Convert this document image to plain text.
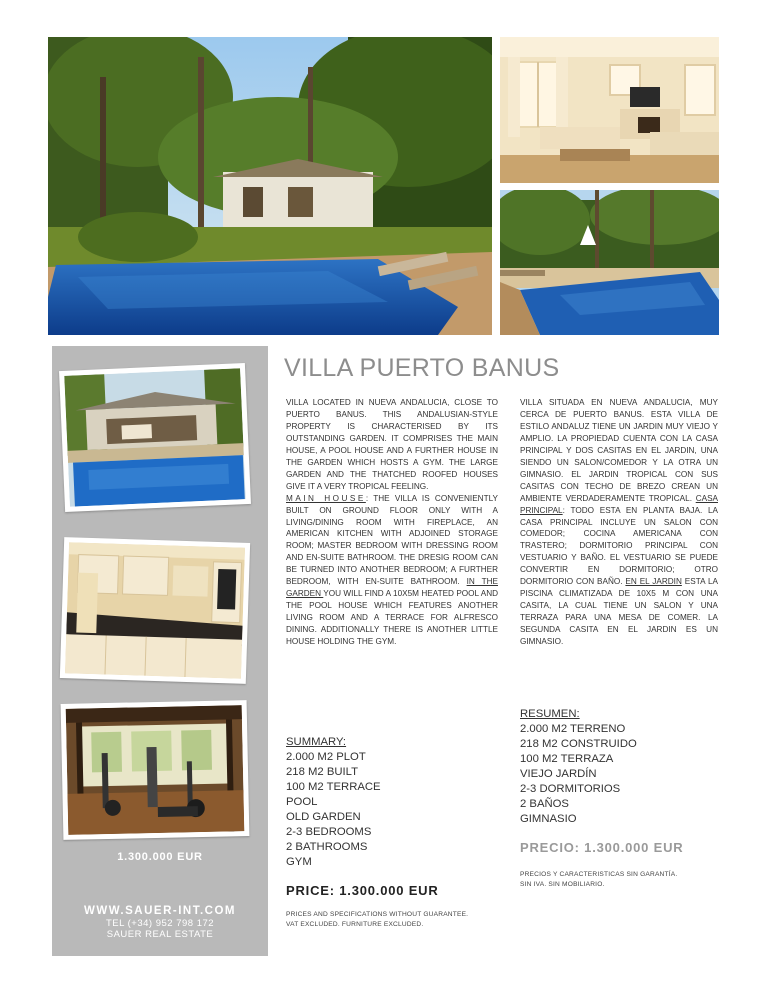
1.300.000 EUR
WWW.SAUER-INT.COM
TEL (+34) 952 798 172
SAUER REAL ESTATE
VILLA PUERTO BANUS

VILLA LOCATED IN NUEVA ANDALUCIA, CLOSE TO PUERTO BANUS. THIS ANDALUSIAN-STYLE PROPERTY IS CHARACTERISED BY ITS OUTSTANDING GARDEN. IT COMPRISES THE MAIN HOUSE, A POOL HOUSE AND A FURTHER HOUSE IN THE GARDEN WHICH HOSTS A GYM. THE LARGE GARDEN AND THE THATCHED ROOFED HOUSES GIVE IT A VERY TROPICAL FEELING.
MAIN HOUSE: THE VILLA IS CONVENIENTLY BUILT ON GROUND FLOOR ONLY WITH A LIVING/DINING ROOM WITH FIREPLACE, AN AMERICAN KITCHEN WITH ADJOINED STORAGE ROOM; MASTER BEDROOM WITH DRESSING ROOM AND EN-SUITE BATHROOM. THE DRESIG ROOM CAN BE TURNED INTO ANOTHER BEDROOM; A FURTHER BEDROOM, WITH EN-SUITE BATHROOM. IN THE GARDEN YOU WILL FIND A 10X5M HEATED POOL AND THE POOL HOUSE WHICH FEATURES ANOTHER LIVING ROOM AND A TERRACE FOR ALFRESCO DINING. ADDITIONALLY THERE IS ANOTHER LITTLE HOUSE HOLDING THE GYM.

VILLA SITUADA EN NUEVA ANDALUCIA, MUY CERCA DE PUERTO BANUS. ESTA VILLA DE ESTILO ANDALUZ TIENE UN JARDIN MUY VIEJO Y AMPLIO. LA PROPIEDAD CUENTA CON LA CASA PRINCIPAL Y DOS CASITAS EN EL JARDIN, UNA SIENDO UN SALON/COMEDOR Y LA OTRA UN GIMNASIO. EL JARDIN TROPICAL CON SUS CASITAS CON TECHO DE BREZO CREAN UN AMBIENTE VERDADERAMENTE TROPICAL. CASA PRINCIPAL: TODO ESTA EN PLANTA BAJA. LA CASA PRINCIPAL INCLUYE UN SALON CON COMEDOR; COCINA AMERICANA CON TRASTERO; DORMITORIO PRINCIPAL CON VESTUARIO Y BAÑO. EL VESTUARIO SE PUEDE CONVERTIR EN DORMITORIO; OTRO DORMITORIO CON BAÑO. EN EL JARDIN ESTA LA PISCINA CLIMATIZADA DE 10X5 M CON UNA CASITA, LA CUAL TIENE UN SALON Y UNA TERRAZA PARA UNA MESA DE COMER. LA SEGUNDA CASITA EN EL JARDIN ES UN GIMNASIO.

SUMMARY:
2.000 M2 PLOT
218 M2 BUILT
100 M2 TERRACE
POOL
OLD GARDEN
2-3 BEDROOMS
2 BATHROOMS
GYM
RESUMEN:
2.000 M2 TERRENO
218 M2 CONSTRUIDO
100 M2 TERRAZA
VIEJO JARDÍN
2-3 DORMITORIOS
2 BAÑOS
GIMNASIO
PRICE: 1.300.000 EUR
PRECIO: 1.300.000 EUR
PRICES AND SPECIFICATIONS WITHOUT GUARANTEE.
VAT EXCLUDED. FURNITURE EXCLUDED.
PRECIOS Y CARACTERISTICAS SIN GARANTÍA.
SIN IVA. SIN MOBILIARIO.
